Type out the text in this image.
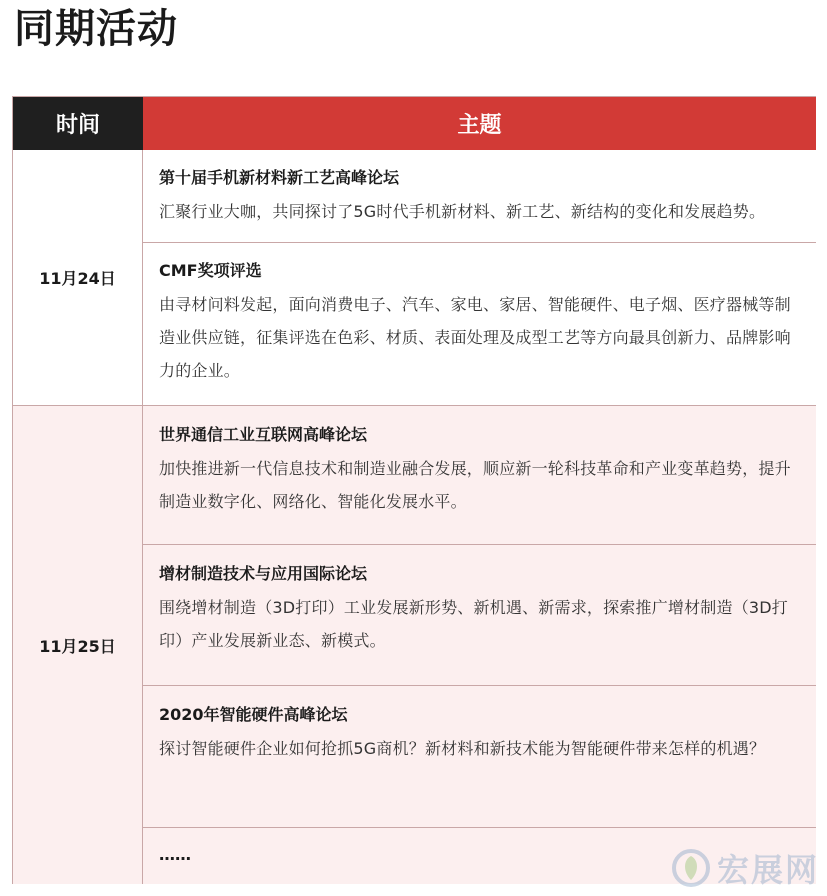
同期活动
时间	主题
11月24日
11月25日
第十届手机新材料新工艺高峰论坛
汇聚行业大咖，共同探讨了5G时代手机新材料、新工艺、新结构的变化和发展趋势。
CMF奖项评选
由寻材问料发起，面向消费电子、汽车、家电、家居、智能硬件、电子烟、医疗器械等制造业供应链，征集评选在色彩、材质、表面处理及成型工艺等方向最具创新力、品牌影响力的企业。
世界通信工业互联网高峰论坛
加快推进新一代信息技术和制造业融合发展，顺应新一轮科技革命和产业变革趋势，提升制造业数字化、网络化、智能化发展水平。
增材制造技术与应用国际论坛
围绕增材制造（3D打印）工业发展新形势、新机遇、新需求，探索推广增材制造（3D打印）产业发展新业态、新模式。
2020年智能硬件高峰论坛
探讨智能硬件企业如何抢抓5G商机？新材料和新技术能为智能硬件带来怎样的机遇？
……	宏展网
